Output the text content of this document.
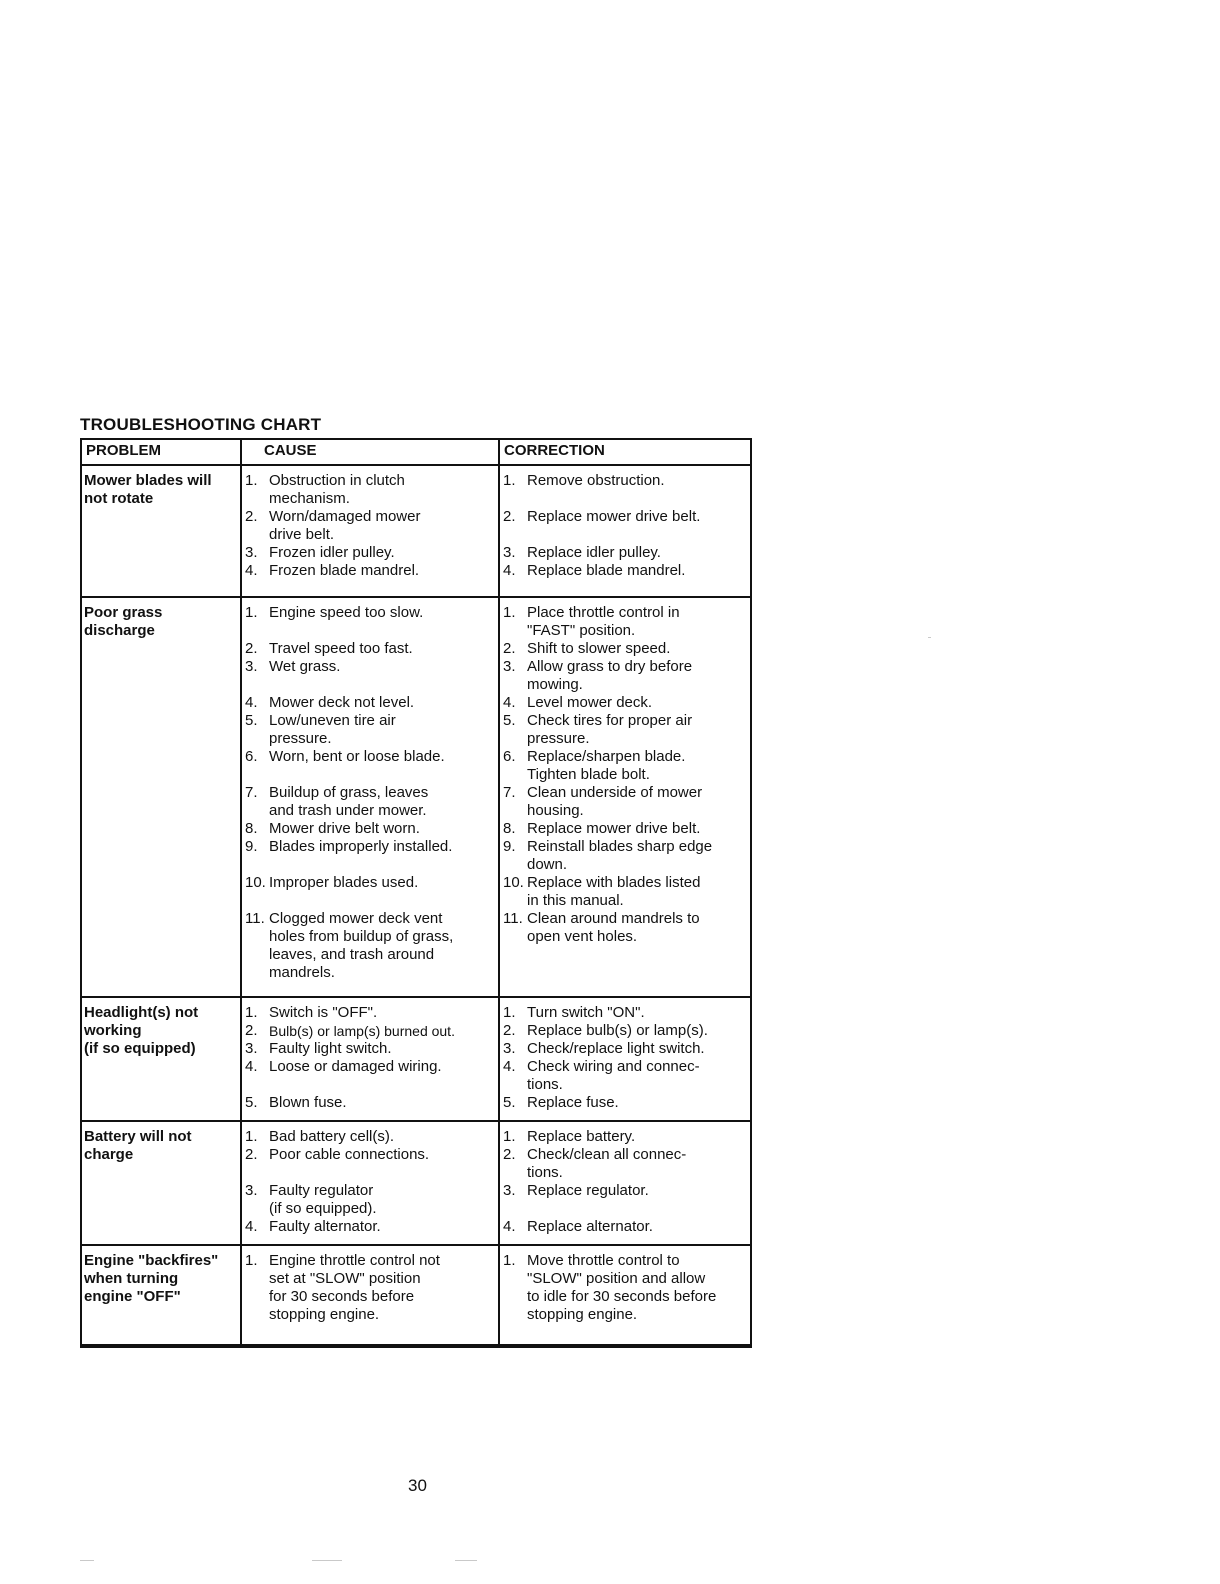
TROUBLESHOOTING CHART
PROBLEM	CAUSE	CORRECTION
Mower blades will
not rotate
1. Obstruction in clutch
mechanism.
2. Worn/damaged mower
drive belt.
3. Frozen idler pulley.
4. Frozen blade mandrel.
1. Remove obstruction.
2. Replace mower drive belt.
3. Replace idler pulley.
4. Replace blade mandrel.
Poor grass
discharge
1. Engine speed too slow.
2. Travel speed too fast.
3. Wet grass.
4. Mower deck not level.
5. Low/uneven tire air
pressure.
6. Worn, bent or loose blade.
7. Buildup of grass, leaves
and trash under mower.
8. Mower drive belt worn.
9. Blades improperly installed.
10. Improper blades used.
11. Clogged mower deck vent
holes from buildup of grass,
leaves, and trash around
mandrels.
1. Place throttle control in
"FAST" position.
2. Shift to slower speed.
3. Allow grass to dry before
mowing.
4. Level mower deck.
5. Check tires for proper air
pressure.
6. Replace/sharpen blade.
Tighten blade bolt.
7. Clean underside of mower
housing.
8. Replace mower drive belt.
9. Reinstall blades sharp edge
down.
10. Replace with blades listed
in this manual.
11. Clean around mandrels to
open vent holes.
Headlight(s) not
working
(if so equipped)
1. Switch is "OFF".
2. Bulb(s) or lamp(s) burned out.
3. Faulty light switch.
4. Loose or damaged wiring.
5. Blown fuse.
1. Turn switch "ON".
2. Replace bulb(s) or lamp(s).
3. Check/replace light switch.
4. Check wiring and connec-
tions.
5. Replace fuse.
Battery will not
charge
1. Bad battery cell(s).
2. Poor cable connections.
3. Faulty regulator
(if so equipped).
4. Faulty alternator.
1. Replace battery.
2. Check/clean all connec-
tions.
3. Replace regulator.
4. Replace alternator.
Engine "backfires"
when turning
engine "OFF"
1. Engine throttle control not
set at "SLOW" position
for 30 seconds before
stopping engine.
1. Move throttle control to
"SLOW" position and allow
to idle for 30 seconds before
stopping engine.
30
